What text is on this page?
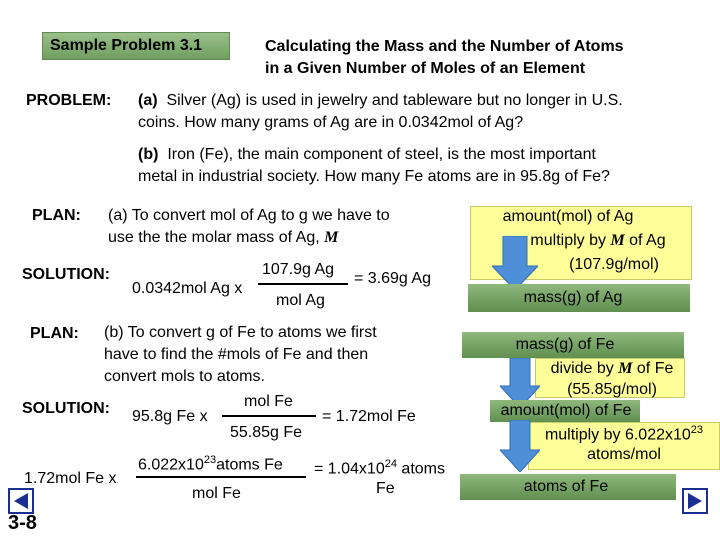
Sample Problem 3.1	Calculating the Mass and the Number of Atoms
in a Given Number of Moles of an Element
PROBLEM: (a) Silver (Ag) is used in jewelry and tableware but no longer in U.S.
coins. How many grams of Ag are in 0.0342mol of Ag?
(b) Iron (Fe), the main component of steel, is the most important
metal in industrial society. How many Fe atoms are in 95.8g of Fe?
PLAN: (a) To convert mol of Ag to g we have to
use the the molar mass of Ag, M
SOLUTION:
0.0342mol Ag x
107.9g Ag
mol Ag
= 3.69g Ag
amount(mol) of Ag
multiply by M of Ag
(107.9g/mol)
mass(g) of Ag
PLAN: (b) To convert g of Fe to atoms we first
have to find the #mols of Fe and then
convert mols to atoms.
SOLUTION: 95.8g Fe x
mol Fe
55.85g Fe
= 1.72mol Fe
1.72mol Fe x
$6.022x10^{23}atoms$ Fe
mol Fe
= $1.04x10^{24}$ atoms
Fe
mass(g) of Fe
divide by M of Fe
(55.85g/mol)
amount(mol) of Fe
multiply by $6.022x10^{23}$
atoms/mol
atoms of Fe
3-8
